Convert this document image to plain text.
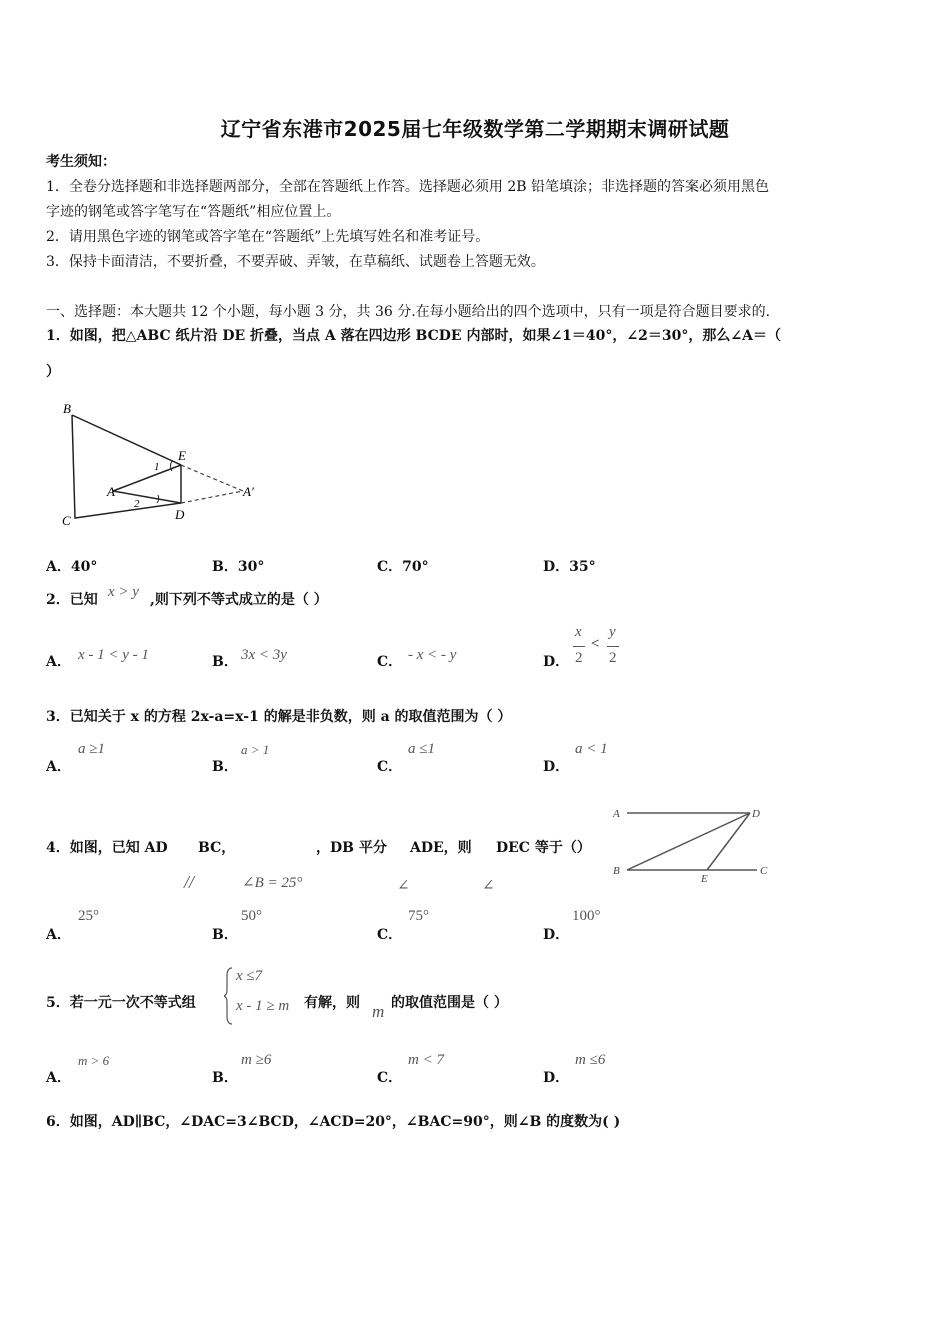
辽宁省东港市2025届七年级数学第二学期期末调研试题
考生须知：
1．全卷分选择题和非选择题两部分，全部在答题纸上作答。选择题必须用 2B 铅笔填涂；非选择题的答案必须用黑色
字迹的钢笔或答字笔写在“答题纸”相应位置上。
2．请用黑色字迹的钢笔或答字笔在“答题纸”上先填写姓名和准考证号。
3．保持卡面清洁，不要折叠，不要弄破、弄皱，在草稿纸、试题卷上答题无效。
一、选择题：本大题共 12 个小题，每小题 3 分，共 36 分.在每小题给出的四个选项中，只有一项是符合题目要求的.
1．如图，把△ABC 纸片沿 DE 折叠，当点 A 落在四边形 BCDE 内部时，如果∠1＝40°，∠2＝30°，那么∠A＝（
）
B
C
E
D
A	A′
1
2
A．40°	B．30°	C．70°	D．35°
2．已知 x > y ,则下列不等式成立的是（ ）
A． x - 1 < y - 1	B． 3x < 3y	C． - x < - y	D．
x
2
<
y
2
3．已知关于 x 的方程 2x-a=x-1 的解是非负数，则 a 的取值范围为（ ）
A．
a ≥1
B．
a > 1
C．
a ≤1
D．
a < 1
4．如图，已知 AD BC，	，DB 平分 ADE，则 DEC 等于（）
//	∠B = 25°	∠	∠
A	D
B
E
C
A．
25°
B．
50°
C．
75°
D．
100°
5．若一元一次不等式组
x ≤7
x - 1 ≥ m 有解，则 m 的取值范围是（ ）
A．
m > 6
B．
m ≥6
C．
m < 7
D．
m ≤6
6．如图，AD∥BC，∠DAC=3∠BCD，∠ACD=20°，∠BAC=90°，则∠B 的度数为( )
